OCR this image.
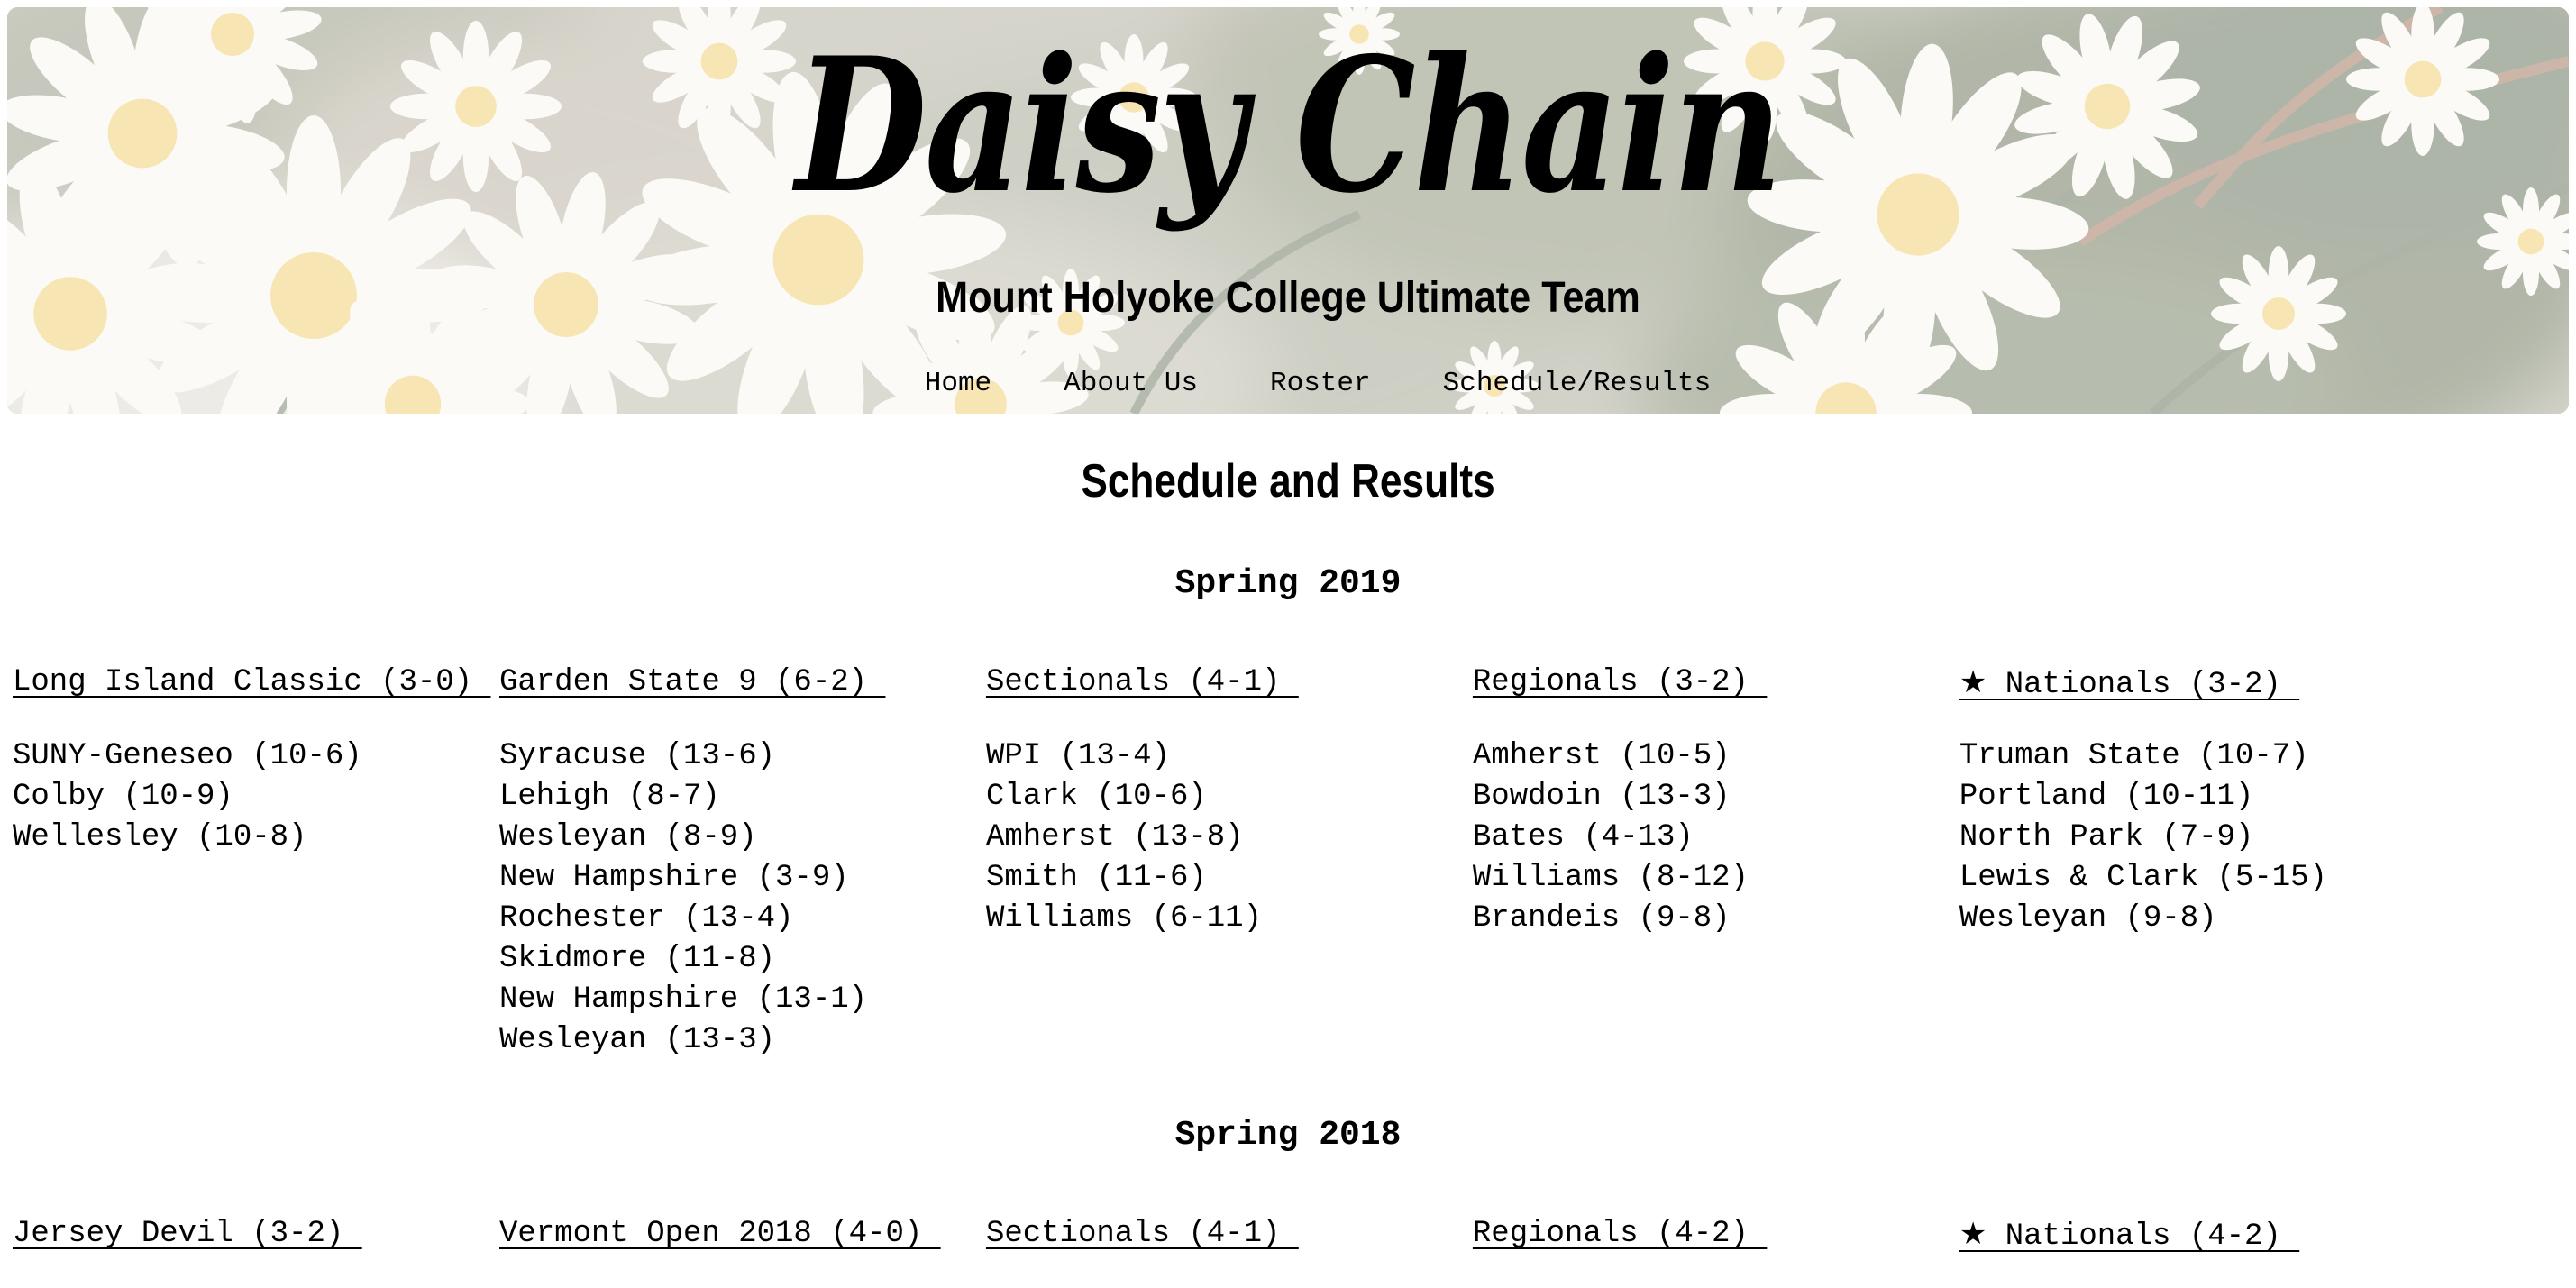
Daisy Chain

Mount Holyoke College Ultimate Team

Home	About Us	Roster	Schedule/Results
Schedule and Results
Spring 2019
Long Island Classic (3-0)	Garden State 9 (6-2)	Sectionals (4-1)	Regionals (3-2)	★ Nationals (3-2)

SUNY-Geneseo (10-6)	Syracuse (13-6)	WPI (13-4)	Amherst (10-5)	Truman State (10-7)
Colby (10-9)	Lehigh (8-7)	Clark (10-6)	Bowdoin (13-3)	Portland (10-11)
Wellesley (10-8)	Wesleyan (8-9)	Amherst (13-8)	Bates (4-13)	North Park (7-9)
	New Hampshire (3-9)	Smith (11-6)	Williams (8-12)	Lewis & Clark (5-15)
	Rochester (13-4)	Williams (6-11)	Brandeis (9-8)	Wesleyan (9-8)
	Skidmore (11-8)			
	New Hampshire (13-1)			
	Wesleyan (13-3)			
Spring 2018
Jersey Devil (3-2)	Vermont Open 2018 (4-0)	Sectionals (4-1)	Regionals (4-2)	★ Nationals (4-2)
